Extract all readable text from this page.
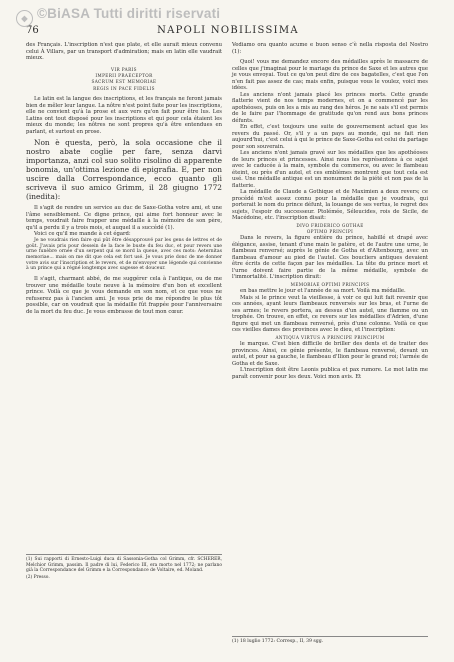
◆ ©BiASA Tutti diritti riservati
76	NAPOLI NOBILISSIMA

des Français. L'inscription n'est que plate, et elle aurait mieux convenu celui À Villars, par un transport d'admiration; mais en latin elle vaudrait mieux.

VIR PARIS
IMPERII PRAECEPTOR
SACRUM EST MEMORIAE
REGIS IN PACE FIDELIS

Le latin est la langue des inscriptions, et les français ne feront jamais bien de mêler leur langue. La nôtre n'est point faite pour les inscriptions, elle ne convient qu'à la prose et aux vers qu'on fait pour être lus. Les Latins ont tout disposé pour les inscriptions et qui pour cela étaient les mieux du monde; les nôtres ne sont propres qu'à être entendues en parlant, et surtout en prose.

Non è questa, però, la sola occasione che il nostro abate coglie per fare, senza darvi importanza, anzi col suo solito risolino di apparente bonomia, un'ottima lezione di epigrafia. E, per non uscire dalla Correspondance, ecco quanto gli scriveva il suo amico Grimm, il 28 giugno 1772 (inedita):

Il s'agit de rendre un service au duc de Saxe-Gotha votre ami, et une l'âme sensiblement. Ce digne prince, qui aime fort honneur avec le temps, voudrait faire frapper une médaille à la mémoire de son père, qu'il a perdu il y a trois mois, et auquel il a succédé (1).

Voici ce qu'il me mande à cet égard:

Je ne voudrais rien faire qui pût être désapprouvé par les gens de lettres et de goût. J'avais pris pour dessein de la face le buste du feu duc, et pour revers une urne funèbre ornée d'un serpent qui se mord la queue, avec ces mots: Aeternitas memoriae... mais on me dit que cela est fort usé. Je vous prie donc de me donner votre avis sur l'inscription et le revers, et de m'envoyer une légende qui convienne à un prince qui a régné longtemps avec sagesse et douceur.

Il s'agit, charmant abbé, de me suggérer cela à l'antique, ou de me trouver une médaille toute neuve à la mémoire d'un bon et excellent prince. Voilà ce que je vous demande en son nom, et ce que vous ne refuserez pas à l'ancien ami. Je vous prie de me répondre le plus tôt possible, car on voudrait que la médaille fût frappée pour l'anniversaire de la mort du feu duc. Je vous embrasse de tout mon cœur.

(1) Sui rapporti di Ernesto-Luigi duca di Sassonia-Gotha col Grimm, cfr. SCHERER, Melchior Grimm, passim. Il padre di lui, Federico III, era morto nel 1772; ne parlano già la Correspondance del Grimm e la Correspondance de Voltaire, ed. Moland.

(2) Presso.

Vediamo ora quanto acume e buon senso c'è nella risposta del Nostro (1):

Quoi! vous me demandez encore des médailles après le massacre de celles que j'imaginai pour le mariage du prince de Saxe et les autres que je vous envoyai. Tout ce qu'on peut dire de ces bagatelles, c'est que l'on n'en fait pas assez de cas; mais enfin, puisque vous le voulez, voici mes idées.

Les anciens n'ont jamais placé les princes morts. Cette grande flatterie vient de nos temps modernes, et on a commencé par les apothéoses, puis on les a mis au rang des héros. Je ne sais s'il est permis de le faire par l'hommage de gratitude qu'on rend aux bons princes défunts.

En effet, c'est toujours une suite de gouvernement actuel que les revers du passé. Or, s'il y a un pays au monde, qui ne fait rien aujourd'hui, c'est celui à qui le prince de Saxe-Gotha est celui du partage pour son souverain.

Les anciens n'ont jamais gravé sur les médailles que les apothéoses de leurs princes et princesses. Ainsi nous les représentons à ce sujet avec le caducée à la main, symbole du commerce, ou avec le flambeau éteint, ou près d'un autel, et ces emblèmes montrent que tout cela est usé. Une médaille antique est un monument de la piété et non pas de la flatterie.

La médaille de Claude a Gothique et de Maximien a deux revers; ce procédé m'est assez connu pour la médaille que je voudrais, qui porterait le nom du prince défunt, la louange de ses vertus, le regret des sujets, l'espoir du successeur. Ptolémée, Séleucides, rois de Sicile, de Macédoine, etc. l'inscription disait:

DIVO FRIDERICO GOTHAE
OPTIMO PRINCIPI

Dans le revers, la figure entière du prince, habillé et drapé avec élégance, assise, tenant d'une main le patère, et de l'autre une urne, le flambeau renversé; auprès le génie de Gotha et d'Altenbourg, avec un flambeau d'amour au pied de l'autel. Ces boucliers antiques devaient être écrits de cette façon par les médailles. La tête du prince mort et l'urne doivent faire partie de la même médaille, symbole de l'immortalité. L'inscription dirait:

MEMORIAE OPTIMI PRINCIPIS

en bas mettre le jour et l'année de sa mort. Voilà ma médaille.

Mais si le prince veut la vieillesse, à voir ce qui luit fait revenir que ces années, ayant leurs flambeaux renversés sur les bras, et l'urne de ses armes; le revers portera, au dessus d'un autel, une flamme ou un trophée. On trouve, en effet, ce revers sur les médailles d'Adrien, d'une figure qui met un flambeau renversé, près d'une colonne. Voilà ce que ces vieilles dames des provinces avec le dieu, et l'inscription:

ANTIQUA VIRTUS A PRINCIPE PRINCIPUM

le marque. C'est bien difficile de briller des dents et de traiter des provinces. Ainsi, ce génie présente, le flambeau renversé, devant un autel, et pour sa gauche, le flambeau d'Ilion pour le grand roi; l'armée de Gotha et de Saxe.

L'inscription doit être Leonis publica et pax rumore. Le mot latin me paraît convenir pour les deux. Voici mon avis. Et

(1) 18 luglio 1772: Corresp., II, 39 sgg.
